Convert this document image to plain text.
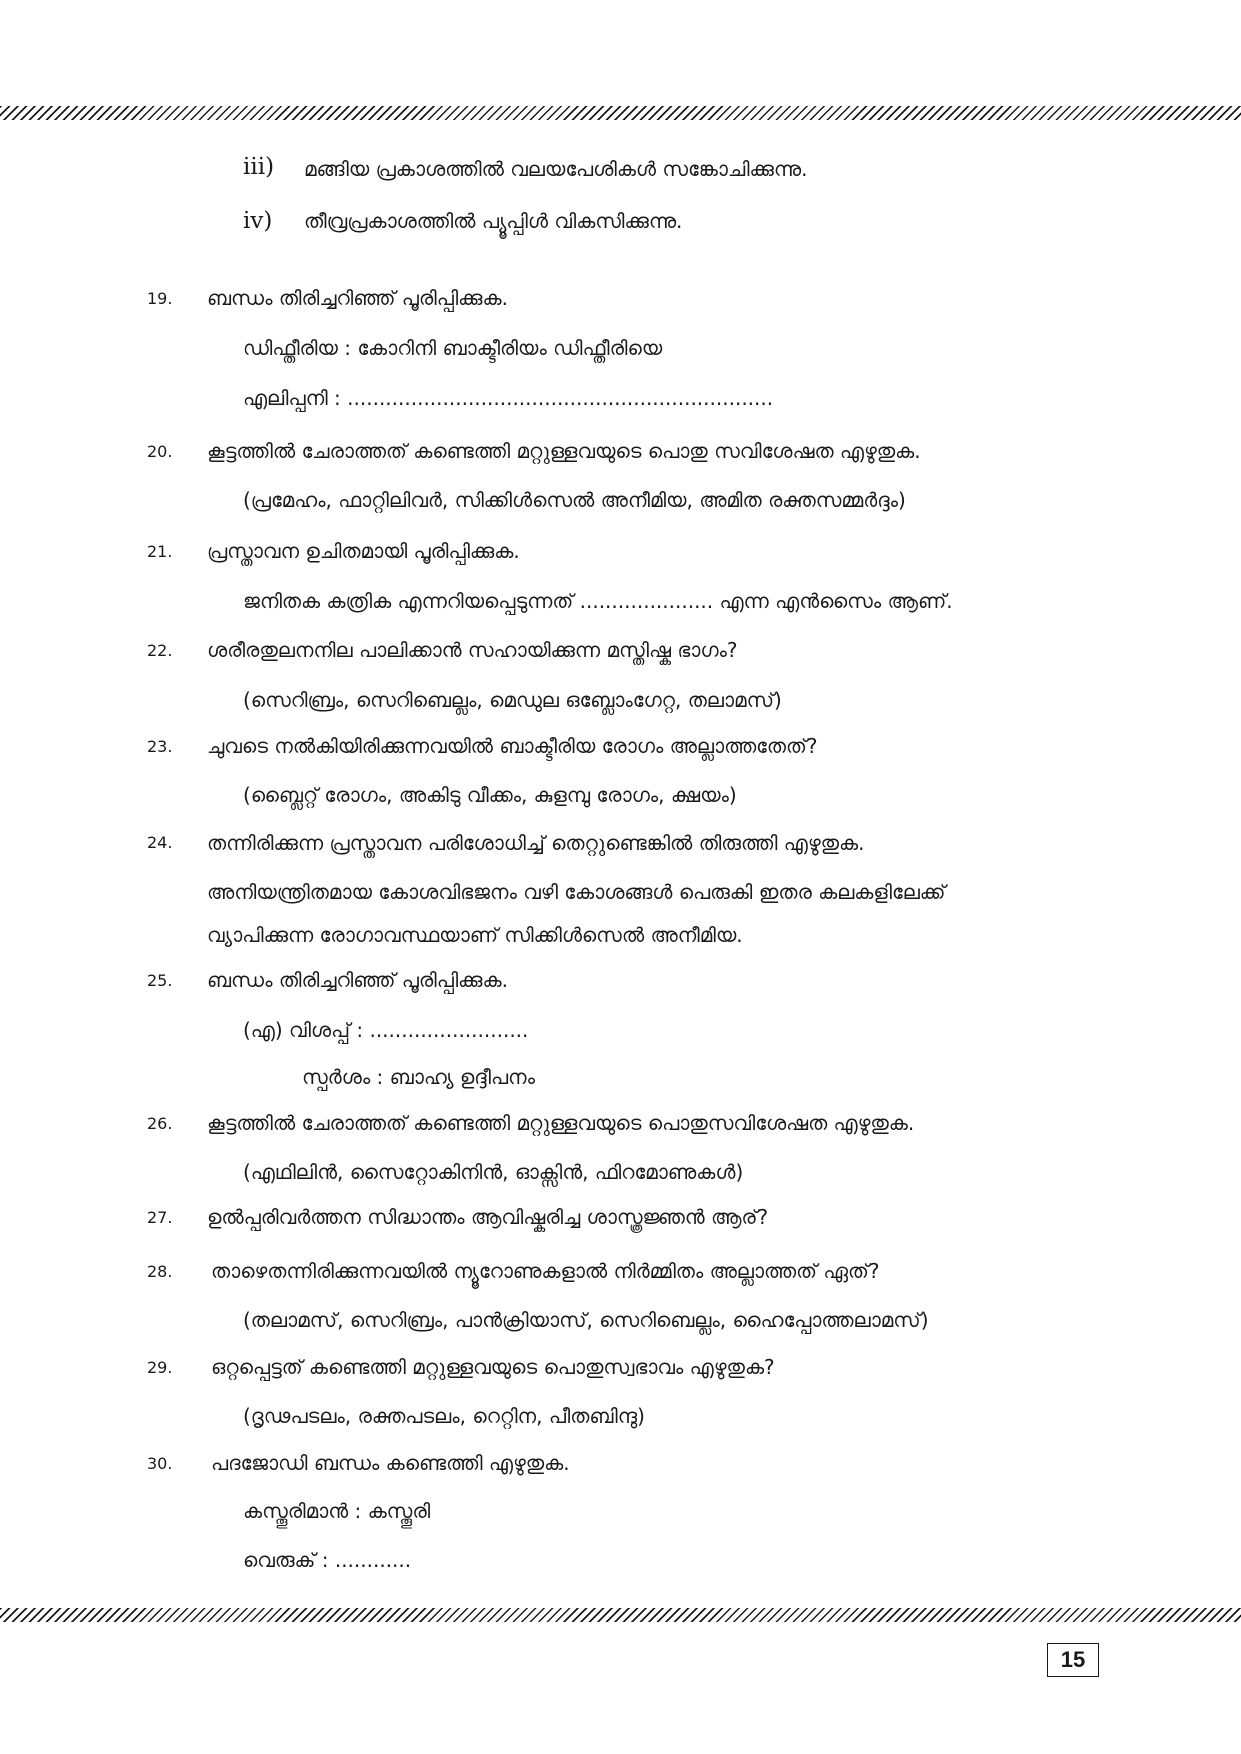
iii) മങ്ങിയ പ്രകാശത്തിൽ വലയപേശികൾ സങ്കോചിക്കുന്നു.
iv) തീവ്രപ്രകാശത്തിൽ പ്യൂപ്പിൾ വികസിക്കുന്നു.
19. ബന്ധം തിരിച്ചറിഞ്ഞ് പൂരിപ്പിക്കുക.
ഡിഫ്തീരിയ : കോറിനി ബാക്ടീരിയം ഡിഫ്തീരിയെ
എലിപ്പനി : ...................................................................
20. കൂട്ടത്തിൽ ചേരാത്തത് കണ്ടെത്തി മറ്റുള്ളവയുടെ പൊതു സവിശേഷത എഴുതുക.
(പ്രമേഹം, ഫാറ്റിലിവർ, സിക്കിൾസെൽ അനീമിയ, അമിത രക്തസമ്മർദ്ദം)
21. പ്രസ്താവന ഉചിതമായി പൂരിപ്പിക്കുക.
ജനിതക കത്രിക എന്നറിയപ്പെടുന്നത് ..................... എന്ന എൻസൈം ആണ്.
22. ശരീരതുലനനില പാലിക്കാൻ സഹായിക്കുന്ന മസ്തിഷ്ക ഭാഗം?
(സെറിബ്രം, സെറിബെല്ലം, മെഡുല ഒബ്ലോംഗേറ്റ, തലാമസ്)
23. ചുവടെ നൽകിയിരിക്കുന്നവയിൽ ബാക്ടീരിയ രോഗം അല്ലാത്തതേത്?
(ബ്ലൈറ്റ് രോഗം, അകിടു വീക്കം, കുളമ്പു രോഗം, ക്ഷയം)
24. തന്നിരിക്കുന്ന പ്രസ്താവന പരിശോധിച്ച് തെറ്റുണ്ടെങ്കിൽ തിരുത്തി എഴുതുക.
അനിയന്ത്രിതമായ കോശവിഭജനം വഴി കോശങ്ങൾ പെരുകി ഇതര കലകളിലേക്ക്
വ്യാപിക്കുന്ന രോഗാവസ്ഥയാണ് സിക്കിൾസെൽ അനീമിയ.
25. ബന്ധം തിരിച്ചറിഞ്ഞ് പൂരിപ്പിക്കുക.
(എ) വിശപ്പ് : .........................
സ്പർശം : ബാഹ്യ ഉദ്ദീപനം
26. കൂട്ടത്തിൽ ചേരാത്തത് കണ്ടെത്തി മറ്റുള്ളവയുടെ പൊതുസവിശേഷത എഴുതുക.
(എഥിലിൻ, സൈറ്റോകിനിൻ, ഓക്സിൻ, ഫിറമോണുകൾ)
27. ഉൽപ്പരിവർത്തന സിദ്ധാന്തം ആവിഷ്കരിച്ച ശാസ്ത്രജ്ഞൻ ആര്?
28. താഴെതന്നിരിക്കുന്നവയിൽ ന്യൂറോണുകളാൽ നിർമ്മിതം അല്ലാത്തത് ഏത്?
(തലാമസ്, സെറിബ്രം, പാൻക്രിയാസ്, സെറിബെല്ലം, ഹൈപ്പോത്തലാമസ്)
29. ഒറ്റപ്പെട്ടത് കണ്ടെത്തി മറ്റുള്ളവയുടെ പൊതുസ്വഭാവം എഴുതുക?
(ദൃഢപടലം, രക്തപടലം, റെറ്റിന, പീതബിന്ദു)
30. പദജോഡി ബന്ധം കണ്ടെത്തി എഴുതുക.
കസ്തൂരിമാൻ : കസ്തൂരി
വെരുക് : ............
15
